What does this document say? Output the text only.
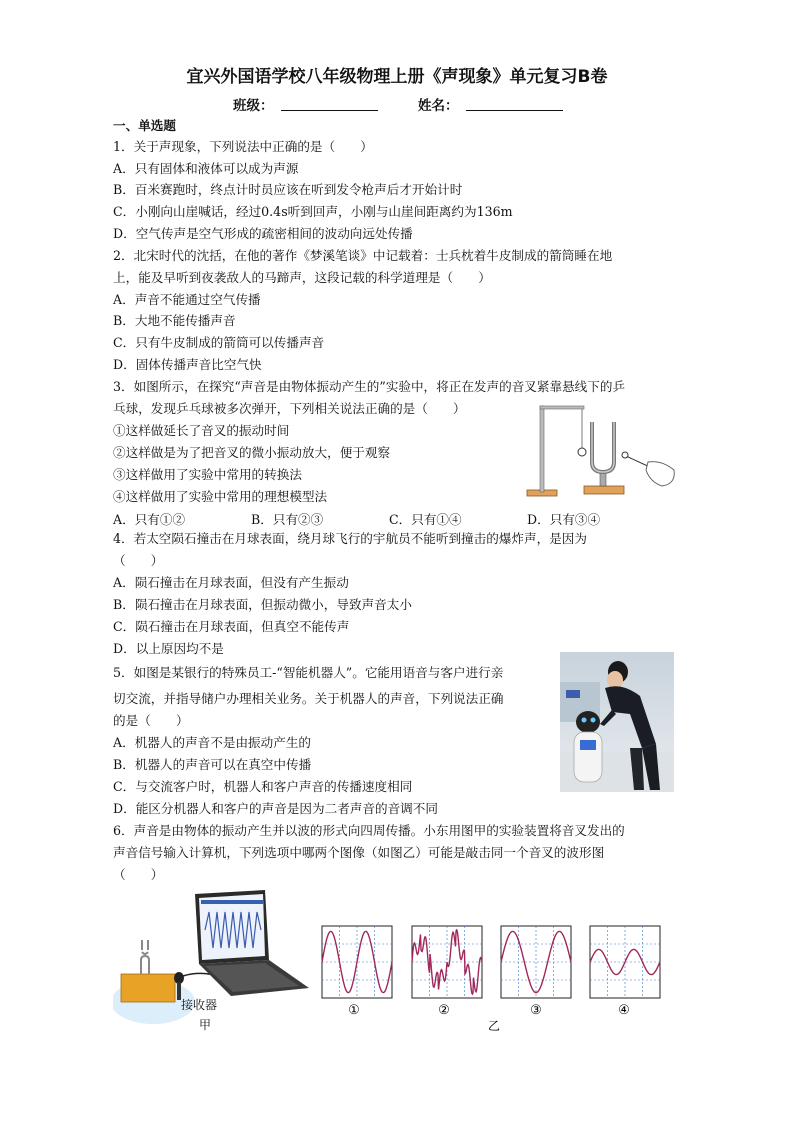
宜兴外国语学校八年级物理上册《声现象》单元复习B卷
班级：	姓名：
一、单选题
1．关于声现象，下列说法中正确的是（　　）
A．只有固体和液体可以成为声源
B．百米赛跑时，终点计时员应该在听到发令枪声后才开始计时
C．小刚向山崖喊话，经过0.4s听到回声，小刚与山崖间距离约为136m
D．空气传声是空气形成的疏密相间的波动向远处传播
2．北宋时代的沈括，在他的著作《梦溪笔谈》中记载着：士兵枕着牛皮制成的箭筒睡在地
上，能及早听到夜袭敌人的马蹄声，这段记载的科学道理是（　　）
A．声音不能通过空气传播
B．大地不能传播声音
C．只有牛皮制成的箭筒可以传播声音
D．固体传播声音比空气快
3．如图所示，在探究“声音是由物体振动产生的”实验中，将正在发声的音叉紧靠悬线下的乒
乓球，发现乒乓球被多次弹开，下列相关说法正确的是（　　）
①这样做延长了音叉的振动时间
②这样做是为了把音叉的微小振动放大，便于观察
③这样做用了实验中常用的转换法
④这样做用了实验中常用的理想模型法
A．只有①②	B．只有②③	C．只有①④	D．只有③④
4．若太空陨石撞击在月球表面，绕月球飞行的宇航员不能听到撞击的爆炸声，是因为
（　　）
A．陨石撞击在月球表面，但没有产生振动
B．陨石撞击在月球表面，但振动微小，导致声音太小
C．陨石撞击在月球表面，但真空不能传声
D．以上原因均不是
5．如图是某银行的特殊员工-“智能机器人”。它能用语音与客户进行亲
切交流，并指导储户办理相关业务。关于机器人的声音，下列说法正确
的是（　　）
A．机器人的声音不是由振动产生的
B．机器人的声音可以在真空中传播
C．与交流客户时，机器人和客户声音的传播速度相同
D．能区分机器人和客户的声音是因为二者声音的音调不同
6．声音是由物体的振动产生并以波的形式向四周传播。小东用图甲的实验装置将音叉发出的
声音信号输入计算机，下列选项中哪两个图像（如图乙）可能是敲击同一个音叉的波形图
（　　）
接收器
甲
①	②	③	④
乙
